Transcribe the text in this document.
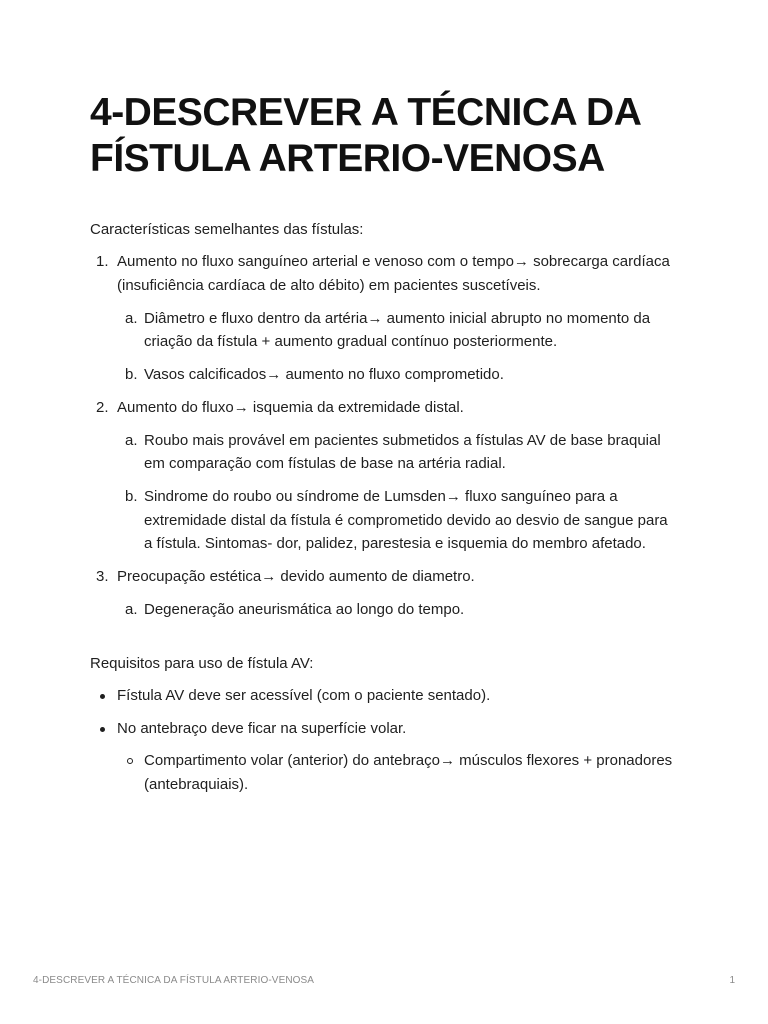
4-DESCREVER A TÉCNICA DA
FÍSTULA ARTERIO-VENOSA

Características semelhantes das fístulas:

1. Aumento no fluxo sanguíneo arterial e venoso com o tempo→ sobrecarga cardíaca (insuficiência cardíaca de alto débito) em pacientes suscetíveis.
a. Diâmetro e fluxo dentro da artéria→ aumento inicial abrupto no momento da criação da fístula + aumento gradual contínuo posteriormente.
b. Vasos calcificados→ aumento no fluxo comprometido.
2. Aumento do fluxo→ isquemia da extremidade distal.
a. Roubo mais provável em pacientes submetidos a fístulas AV de base braquial em comparação com fístulas de base na artéria radial.
b. Sindrome do roubo ou síndrome de Lumsden→ fluxo sanguíneo para a extremidade distal da fístula é comprometido devido ao desvio de sangue para a fístula. Sintomas- dor, palidez, parestesia e isquemia do membro afetado.
3. Preocupação estética→ devido aumento de diametro.
a. Degeneração aneurismática ao longo do tempo.

Requisitos para uso de fístula AV:

Fístula AV deve ser acessível (com o paciente sentado).
No antebraço deve ficar na superfície volar.
Compartimento volar (anterior) do antebraço→ músculos flexores + pronadores (antebraquiais).
4-DESCREVER A TÉCNICA DA FÍSTULA ARTERIO-VENOSA	1
